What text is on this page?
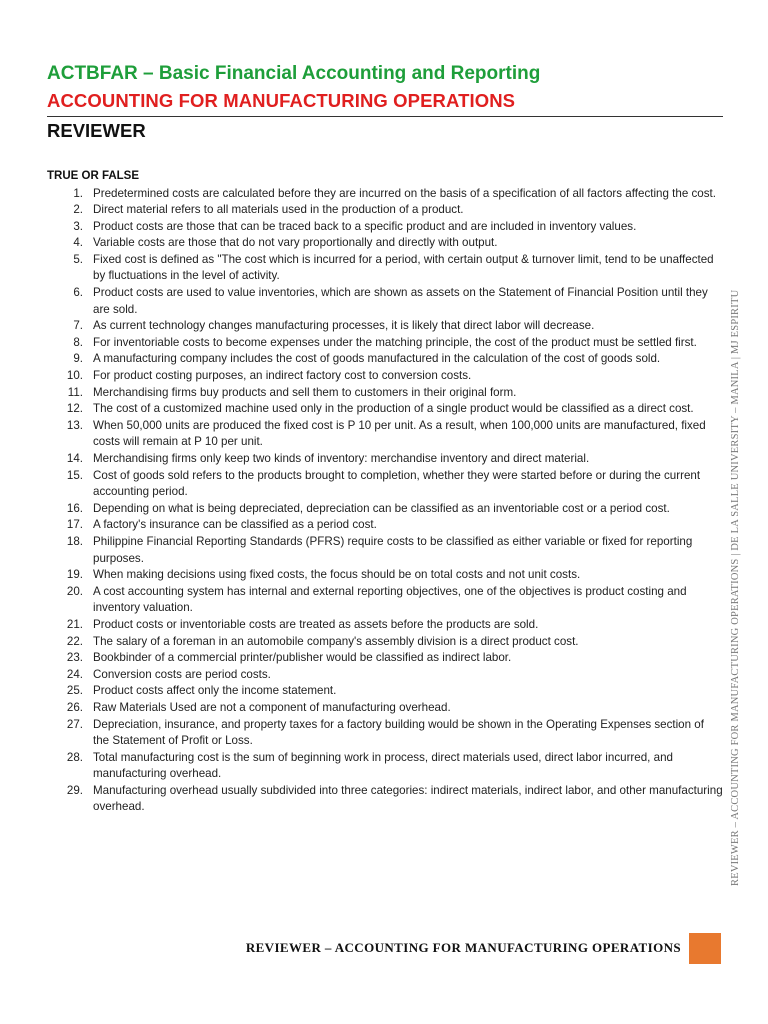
ACTBFAR – Basic Financial Accounting and Reporting
ACCOUNTING FOR MANUFACTURING OPERATIONS
REVIEWER
TRUE OR FALSE
1. Predetermined costs are calculated before they are incurred on the basis of a specification of all factors affecting the cost.
2. Direct material refers to all materials used in the production of a product.
3. Product costs are those that can be traced back to a specific product and are included in inventory values.
4. Variable costs are those that do not vary proportionally and directly with output.
5. Fixed cost is defined as "The cost which is incurred for a period, with certain output & turnover limit, tend to be unaffected by fluctuations in the level of activity.
6. Product costs are used to value inventories, which are shown as assets on the Statement of Financial Position until they are sold.
7. As current technology changes manufacturing processes, it is likely that direct labor will decrease.
8. For inventoriable costs to become expenses under the matching principle, the cost of the product must be settled first.
9. A manufacturing company includes the cost of goods manufactured in the calculation of the cost of goods sold.
10. For product costing purposes, an indirect factory cost to conversion costs.
11. Merchandising firms buy products and sell them to customers in their original form.
12. The cost of a customized machine used only in the production of a single product would be classified as a direct cost.
13. When 50,000 units are produced the fixed cost is P 10 per unit. As a result, when 100,000 units are manufactured, fixed costs will remain at P 10 per unit.
14. Merchandising firms only keep two kinds of inventory: merchandise inventory and direct material.
15. Cost of goods sold refers to the products brought to completion, whether they were started before or during the current accounting period.
16. Depending on what is being depreciated, depreciation can be classified as an inventoriable cost or a period cost.
17. A factory's insurance can be classified as a period cost.
18. Philippine Financial Reporting Standards (PFRS) require costs to be classified as either variable or fixed for reporting purposes.
19. When making decisions using fixed costs, the focus should be on total costs and not unit costs.
20. A cost accounting system has internal and external reporting objectives, one of the objectives is product costing and inventory valuation.
21. Product costs or inventoriable costs are treated as assets before the products are sold.
22. The salary of a foreman in an automobile company's assembly division is a direct product cost.
23. Bookbinder of a commercial printer/publisher would be classified as indirect labor.
24. Conversion costs are period costs.
25. Product costs affect only the income statement.
26. Raw Materials Used are not a component of manufacturing overhead.
27. Depreciation, insurance, and property taxes for a factory building would be shown in the Operating Expenses section of the Statement of Profit or Loss.
28. Total manufacturing cost is the sum of beginning work in process, direct materials used, direct labor incurred, and manufacturing overhead.
29. Manufacturing overhead usually subdivided into three categories: indirect materials, indirect labor, and other manufacturing overhead.	REVIEWER – ACCOUNTING FOR MANUFACTURING OPERATIONS | DE LA SALLE UNIVERSITY – MANILA | MJ ESPIRITU
REVIEWER – ACCOUNTING FOR MANUFACTURING OPERATIONS
